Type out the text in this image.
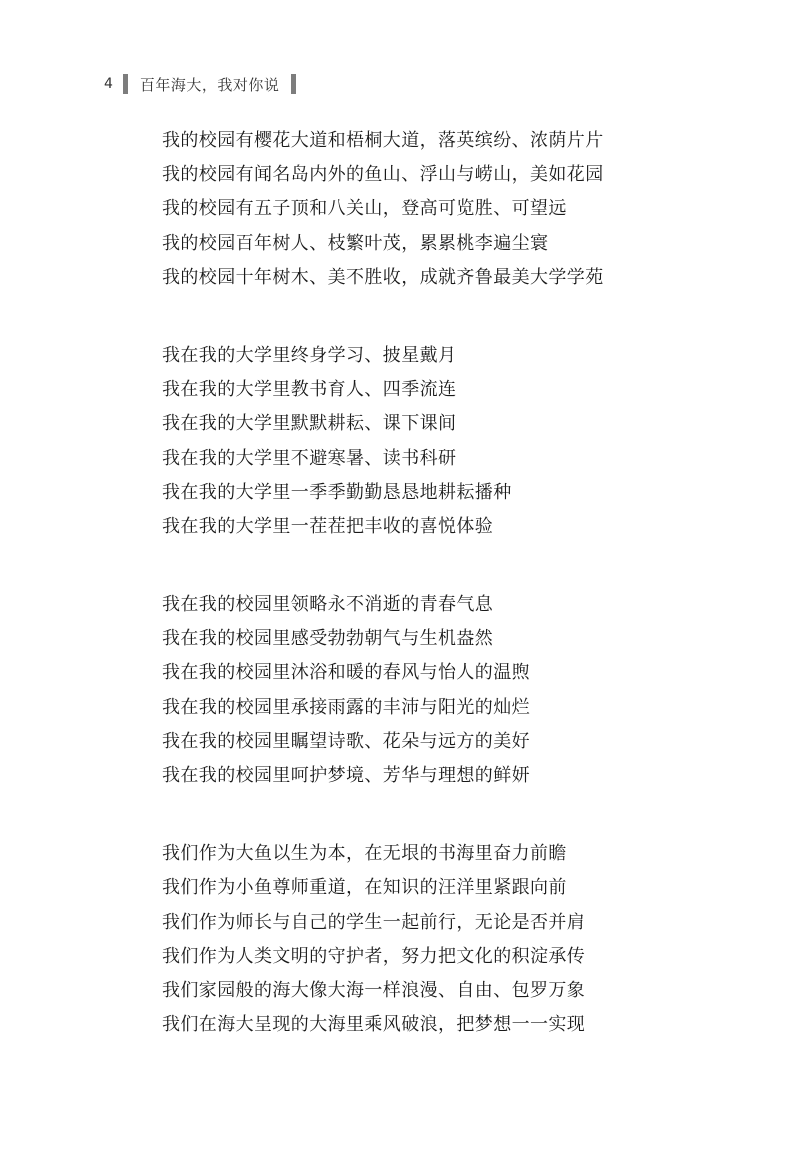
4 百年海大，我对你说
我的校园有樱花大道和梧桐大道，落英缤纷、浓荫片片
我的校园有闻名岛内外的鱼山、浮山与崂山，美如花园
我的校园有五子顶和八关山，登高可览胜、可望远
我的校园百年树人、枝繁叶茂，累累桃李遍尘寰
我的校园十年树木、美不胜收，成就齐鲁最美大学学苑
我在我的大学里终身学习、披星戴月
我在我的大学里教书育人、四季流连
我在我的大学里默默耕耘、课下课间
我在我的大学里不避寒暑、读书科研
我在我的大学里一季季勤勤恳恳地耕耘播种
我在我的大学里一茬茬把丰收的喜悦体验
我在我的校园里领略永不消逝的青春气息
我在我的校园里感受勃勃朝气与生机盎然
我在我的校园里沐浴和暖的春风与怡人的温煦
我在我的校园里承接雨露的丰沛与阳光的灿烂
我在我的校园里瞩望诗歌、花朵与远方的美好
我在我的校园里呵护梦境、芳华与理想的鲜妍
我们作为大鱼以生为本，在无垠的书海里奋力前瞻
我们作为小鱼尊师重道，在知识的汪洋里紧跟向前
我们作为师长与自己的学生一起前行，无论是否并肩
我们作为人类文明的守护者，努力把文化的积淀承传
我们家园般的海大像大海一样浪漫、自由、包罗万象
我们在海大呈现的大海里乘风破浪，把梦想一一实现
